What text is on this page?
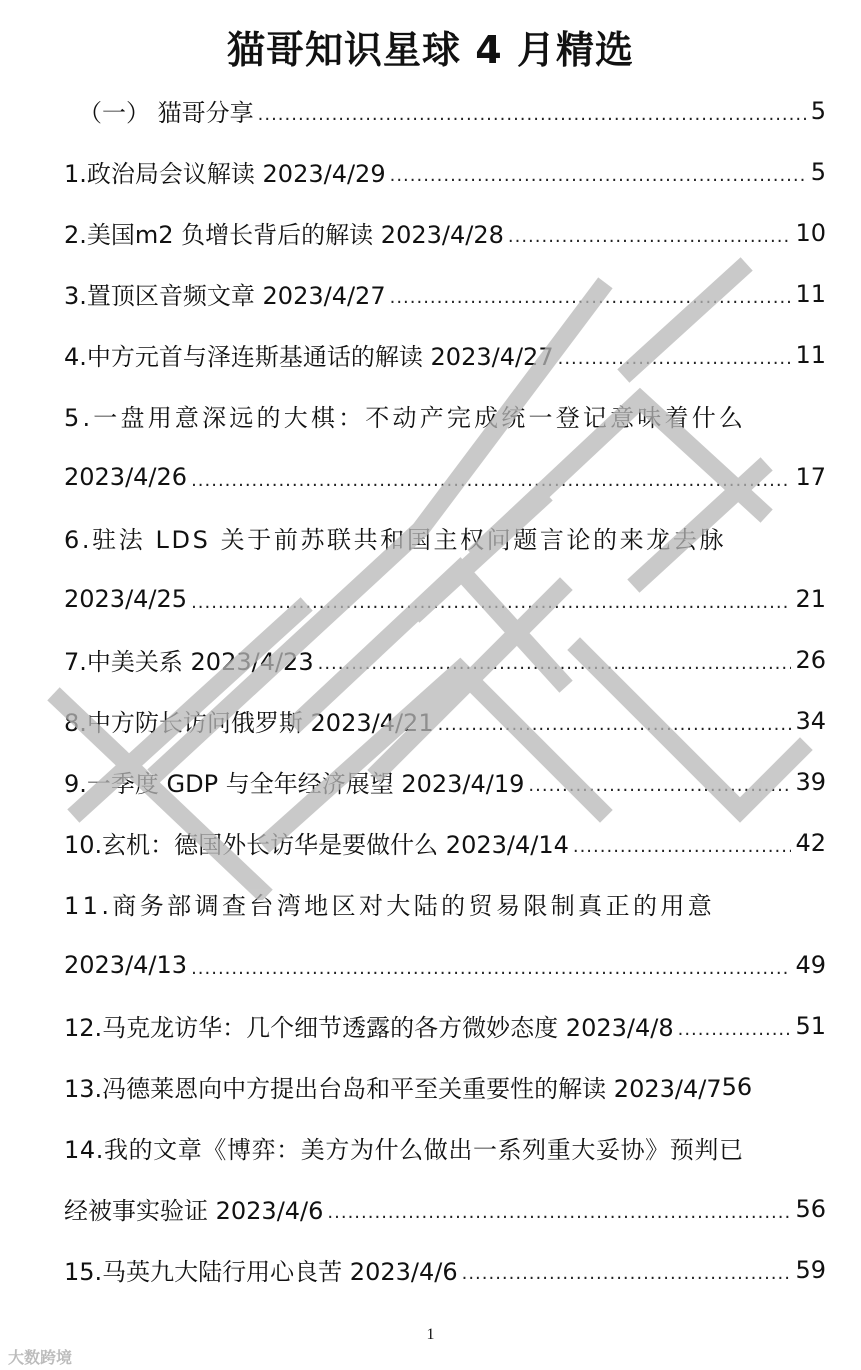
猫哥知识星球 4 月精选
（一） 猫哥分享 .....	5
1.政治局会议解读 2023/4/29 .....	5
2.美国m2 负增长背后的解读 2023/4/28 .....	10
3.置顶区音频文章 2023/4/27 .....	11
4.中方元首与泽连斯基通话的解读 2023/4/27 .....	11
5.一盘用意深远的大棋：不动产完成统一登记意味着什么
2023/4/26 .....	17
6.驻法 LDS 关于前苏联共和国主权问题言论的来龙去脉
2023/4/25 .....	21
7.中美关系 2023/4/23 .....	26
8.中方防长访问俄罗斯 2023/4/21 .....	34
9.一季度 GDP 与全年经济展望 2023/4/19 .....	39
10.玄机：德国外长访华是要做什么 2023/4/14 .....	42
11.商务部调查台湾地区对大陆的贸易限制真正的用意
2023/4/13 .....	49
12.马克龙访华：几个细节透露的各方微妙态度 2023/4/8 .....	51
13.冯德莱恩向中方提出台岛和平至关重要性的解读 2023/4/7 56
14.我的文章《博弈：美方为什么做出一系列重大妥协》预判已
经被事实验证 2023/4/6 .....	56
15.马英九大陆行用心良苦 2023/4/6 .....	59
1
大数跨境
